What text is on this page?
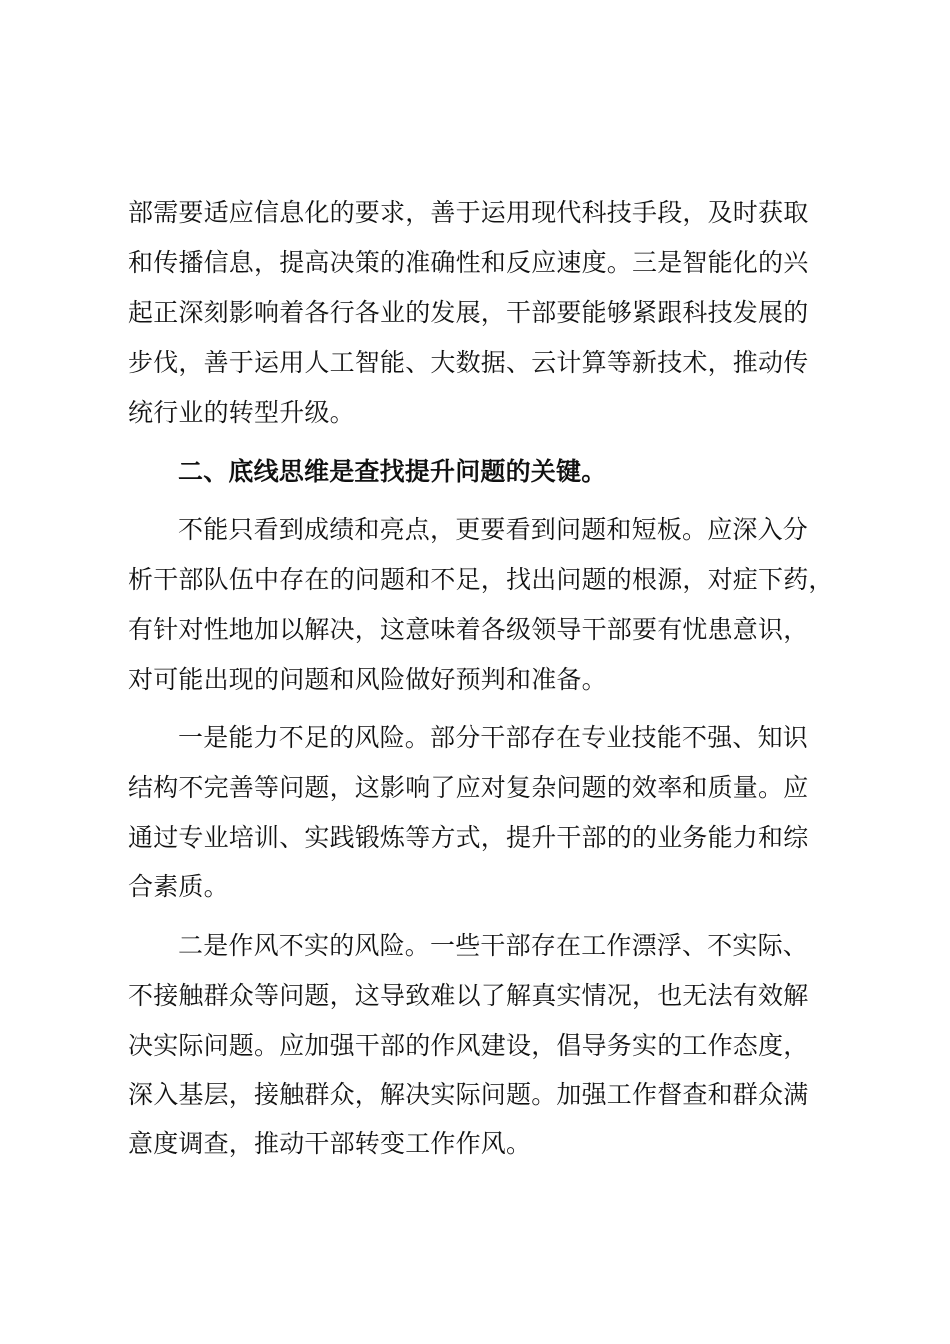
部需要适应信息化的要求，善于运用现代科技手段，及时获取
和传播信息，提高决策的准确性和反应速度。三是智能化的兴
起正深刻影响着各行各业的发展，干部要能够紧跟科技发展的
步伐，善于运用人工智能、大数据、云计算等新技术，推动传
统行业的转型升级。
二、底线思维是查找提升问题的关键。
不能只看到成绩和亮点，更要看到问题和短板。应深入分
析干部队伍中存在的问题和不足，找出问题的根源，对症下药，
有针对性地加以解决，这意味着各级领导干部要有忧患意识，
对可能出现的问题和风险做好预判和准备。
一是能力不足的风险。部分干部存在专业技能不强、知识
结构不完善等问题，这影响了应对复杂问题的效率和质量。应
通过专业培训、实践锻炼等方式，提升干部的的业务能力和综
合素质。
二是作风不实的风险。一些干部存在工作漂浮、不实际、
不接触群众等问题，这导致难以了解真实情况，也无法有效解
决实际问题。应加强干部的作风建设，倡导务实的工作态度，
深入基层，接触群众，解决实际问题。加强工作督查和群众满
意度调查，推动干部转变工作作风。
